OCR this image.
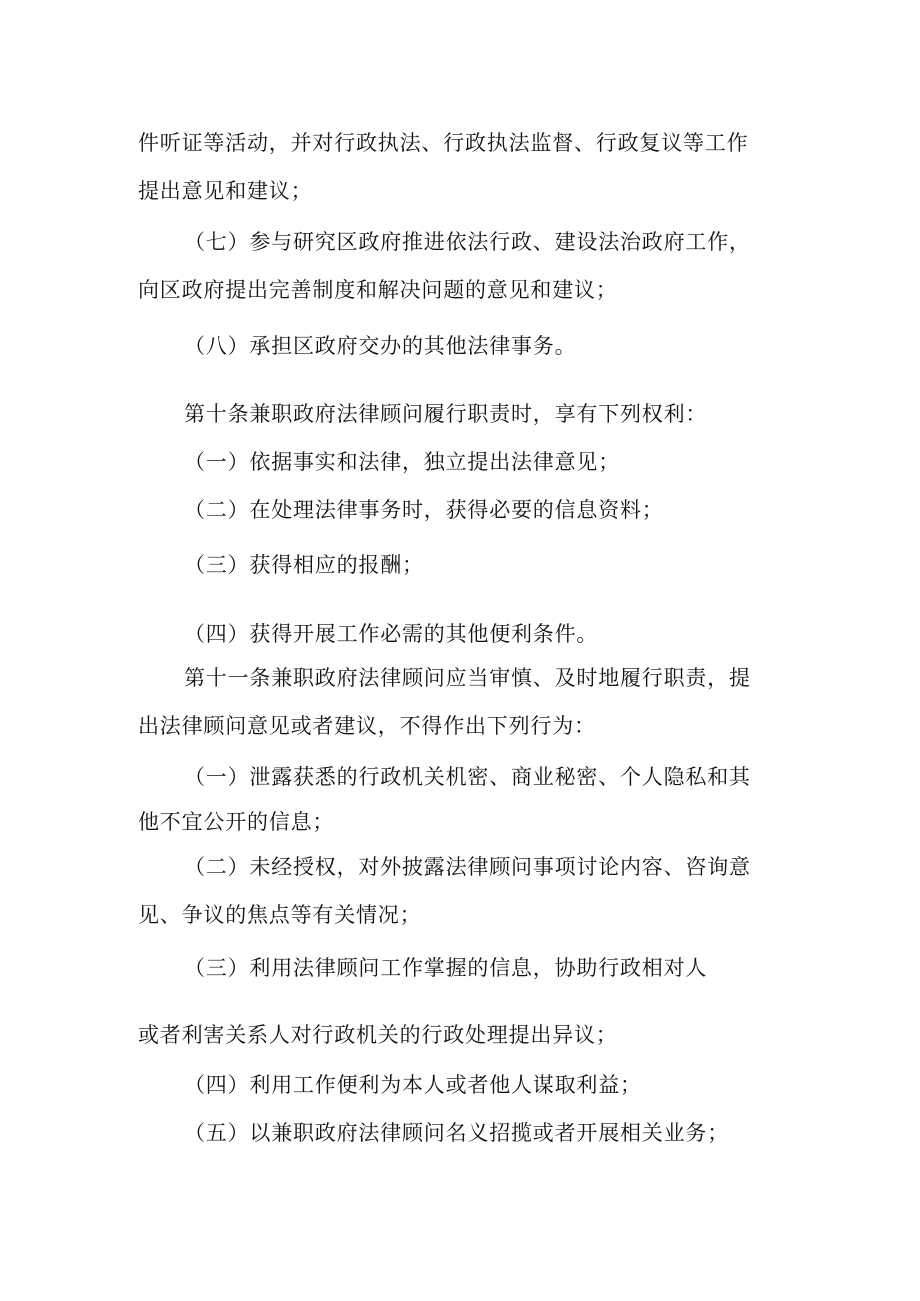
件听证等活动，并对行政执法、行政执法监督、行政复议等工作
提出意见和建议；
（七）参与研究区政府推进依法行政、建设法治政府工作，
向区政府提出完善制度和解决问题的意见和建议；
（八）承担区政府交办的其他法律事务。
第十条兼职政府法律顾问履行职责时，享有下列权利：
（一）依据事实和法律，独立提出法律意见；
（二）在处理法律事务时，获得必要的信息资料；
（三）获得相应的报酬；
（四）获得开展工作必需的其他便利条件。
第十一条兼职政府法律顾问应当审慎、及时地履行职责，提
出法律顾问意见或者建议，不得作出下列行为：
（一）泄露获悉的行政机关机密、商业秘密、个人隐私和其
他不宜公开的信息；
（二）未经授权，对外披露法律顾问事项讨论内容、咨询意
见、争议的焦点等有关情况；
（三）利用法律顾问工作掌握的信息，协助行政相对人
或者利害关系人对行政机关的行政处理提出异议；
（四）利用工作便利为本人或者他人谋取利益；
（五）以兼职政府法律顾问名义招揽或者开展相关业务；
